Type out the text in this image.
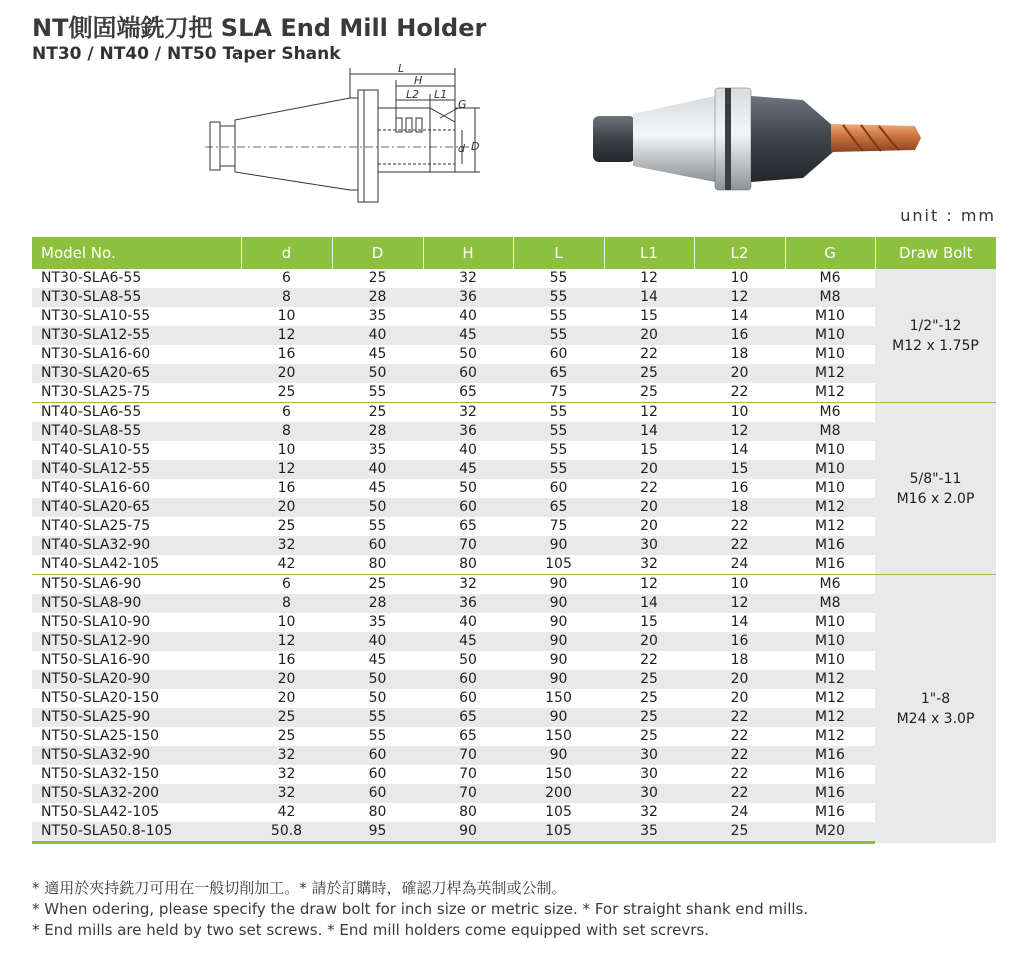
NT側固端銑刀把 SLA End Mill Holder
NT30 / NT40 / NT50 Taper Shank
L
H
L2 L1
G
d D
unit : mm
Model No.	d	D	H	L	L1	L2	G	Draw Bolt
NT30-SLA6-55	6	25	32	55	12	10	M6	1/2"-12
M12 x 1.75P

NT30-SLA8-55	8	28	36	55	14	12	M8	
NT30-SLA10-55	10	35	40	55	15	14	M10	
NT30-SLA12-55	12	40	45	55	20	16	M10	
NT30-SLA16-60	16	45	50	60	22	18	M10	
NT30-SLA20-65	20	50	60	65	25	20	M12	
NT30-SLA25-75	25	55	65	75	25	22	M12	
NT40-SLA6-55	6	25	32	55	12	10	M6	5/8"-11
M16 x 2.0P

NT40-SLA8-55	8	28	36	55	14	12	M8	
NT40-SLA10-55	10	35	40	55	15	14	M10	
NT40-SLA12-55	12	40	45	55	20	15	M10	
NT40-SLA16-60	16	45	50	60	22	16	M10	
NT40-SLA20-65	20	50	60	65	20	18	M12	
NT40-SLA25-75	25	55	65	75	20	22	M12	
NT40-SLA32-90	32	60	70	90	30	22	M16	
NT40-SLA42-105	42	80	80	105	32	24	M16	
NT50-SLA6-90	6	25	32	90	12	10	M6	1"-8
M24 x 3.0P

NT50-SLA8-90	8	28	36	90	14	12	M8	
NT50-SLA10-90	10	35	40	90	15	14	M10	
NT50-SLA12-90	12	40	45	90	20	16	M10	
NT50-SLA16-90	16	45	50	90	22	18	M10	
NT50-SLA20-90	20	50	60	90	25	20	M12	
NT50-SLA20-150	20	50	60	150	25	20	M12	
NT50-SLA25-90	25	55	65	90	25	22	M12	
NT50-SLA25-150	25	55	65	150	25	22	M12	
NT50-SLA32-90	32	60	70	90	30	22	M16	
NT50-SLA32-150	32	60	70	150	30	22	M16	
NT50-SLA32-200	32	60	70	200	30	22	M16	
NT50-SLA42-105	42	80	80	105	32	24	M16	
NT50-SLA50.8-105	50.8	95	90	105	35	25	M20	
* 適用於夾持銑刀可用在一般切削加工。* 請於訂購時，確認刀桿為英制或公制。
* When odering, please specify the draw bolt for inch size or metric size. * For straight shank end mills.
* End mills are held by two set screws. * End mill holders come equipped with set screvrs.
